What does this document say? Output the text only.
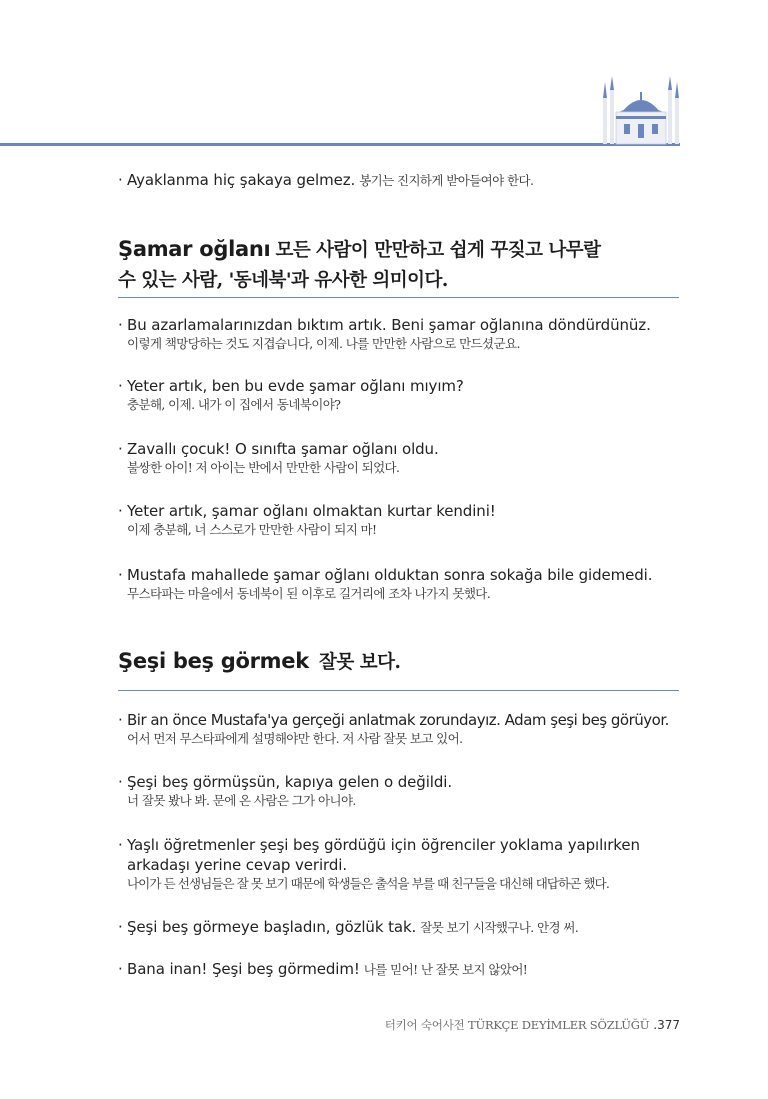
· Ayaklanma hiç şakaya gelmez. 봉기는 진지하게 받아들여야 한다.
Şamar oğlanı 모든 사람이 만만하고 쉽게 꾸짖고 나무랄
수 있는 사람, '동네북'과 유사한 의미이다.
· Bu azarlamalarınızdan bıktım artık. Beni şamar oğlanına döndürdünüz.
이렇게 책망당하는 것도 지겹습니다, 이제. 나를 만만한 사람으로 만드셨군요.
· Yeter artık, ben bu evde şamar oğlanı mıyım?
충분해, 이제. 내가 이 집에서 동네북이야?
· Zavallı çocuk! O sınıfta şamar oğlanı oldu.
불쌍한 아이! 저 아이는 반에서 만만한 사람이 되었다.
· Yeter artık, şamar oğlanı olmaktan kurtar kendini!
이제 충분해, 너 스스로가 만만한 사람이 되지 마!
· Mustafa mahallede şamar oğlanı olduktan sonra sokağa bile gidemedi.
무스타파는 마을에서 동네북이 된 이후로 길거리에 조차 나가지 못했다.
Şeşi beş görmek 잘못 보다.
· Bir an önce Mustafa'ya gerçeği anlatmak zorundayız. Adam şeşi beş görüyor.
어서 먼저 무스타파에게 설명해야만 한다. 저 사람 잘못 보고 있어.
· Şeşi beş görmüşsün, kapıya gelen o değildi.
너 잘못 봤나 봐. 문에 온 사람은 그가 아니야.
· Yaşlı öğretmenler şeşi beş gördüğü için öğrenciler yoklama yapılırken
arkadaşı yerine cevap verirdi.
나이가 든 선생님들은 잘 못 보기 때문에 학생들은 출석을 부를 때 친구들을 대신해 대답하곤 했다.
· Şeşi beş görmeye başladın, gözlük tak. 잘못 보기 시작했구나. 안경 써.
· Bana inan! Şeşi beş görmedim! 나를 믿어! 난 잘못 보지 않았어!
터키어 숙어사전 TÜRKÇE DEYİMLER SÖZLÜĞÜ .377
